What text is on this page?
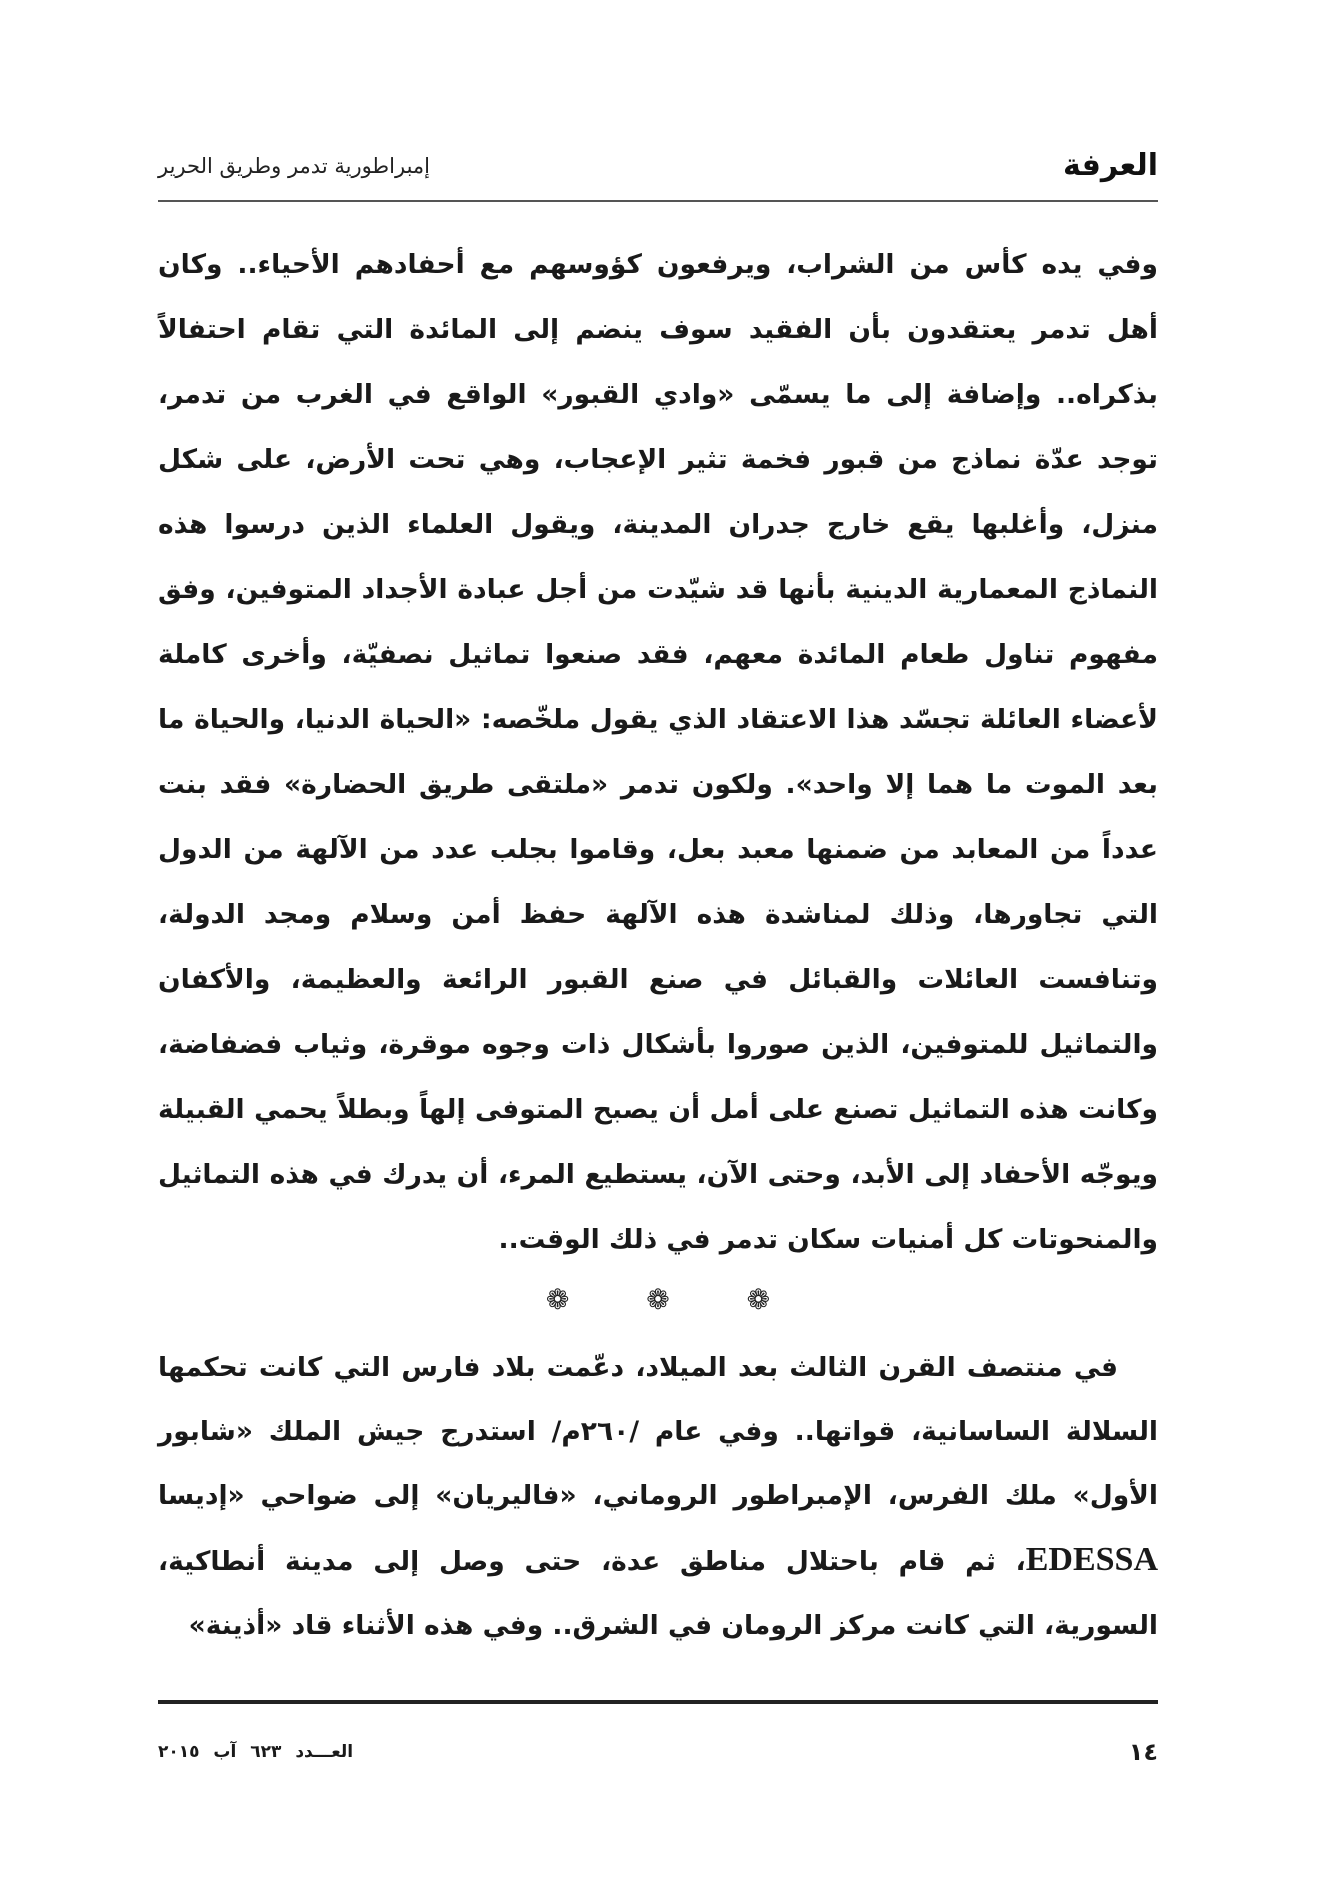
العرفة
إمبراطورية تدمر وطريق الحرير

وفي يده كأس من الشراب، ويرفعون كؤوسهم مع أحفادهم الأحياء.. وكان أهل تدمر يعتقدون بأن الفقيد سوف ينضم إلى المائدة التي تقام احتفالاً بذكراه.. وإضافة إلى ما يسمّى «وادي القبور» الواقع في الغرب من تدمر، توجد عدّة نماذج من قبور فخمة تثير الإعجاب، وهي تحت الأرض، على شكل منزل، وأغلبها يقع خارج جدران المدينة، ويقول العلماء الذين درسوا هذه النماذج المعمارية الدينية بأنها قد شيّدت من أجل عبادة الأجداد المتوفين، وفق مفهوم تناول طعام المائدة معهم، فقد صنعوا تماثيل نصفيّة، وأخرى كاملة لأعضاء العائلة تجسّد هذا الاعتقاد الذي يقول ملخّصه: «الحياة الدنيا، والحياة ما بعد الموت ما هما إلا واحد». ولكون تدمر «ملتقى طريق الحضارة» فقد بنت عدداً من المعابد من ضمنها معبد بعل، وقاموا بجلب عدد من الآلهة من الدول التي تجاورها، وذلك لمناشدة هذه الآلهة حفظ أمن وسلام ومجد الدولة، وتنافست العائلات والقبائل في صنع القبور الرائعة والعظيمة، والأكفان والتماثيل للمتوفين، الذين صوروا بأشكال ذات وجوه موقرة، وثياب فضفاضة، وكانت هذه التماثيل تصنع على أمل أن يصبح المتوفى إلهاً وبطلاً يحمي القبيلة ويوجّه الأحفاد إلى الأبد، وحتى الآن، يستطيع المرء، أن يدرك في هذه التماثيل والمنحوتات كل أمنيات سكان تدمر في ذلك الوقت..

❁ ❁ ❁

في منتصف القرن الثالث بعد الميلاد، دعّمت بلاد فارس التي كانت تحكمها السلالة الساسانية، قواتها.. وفي عام /٢٦٠م/ استدرج جيش الملك «شابور الأول» ملك الفرس، الإمبراطور الروماني، «فاليريان» إلى ضواحي «إديسا EDESSA، ثم قام باحتلال مناطق عدة، حتى وصل إلى مدينة أنطاكية، السورية، التي كانت مركز الرومان في الشرق.. وفي هذه الأثناء قاد «أذينة»

١٤
العـــدد ٦٢٣ آب ٢٠١٥
